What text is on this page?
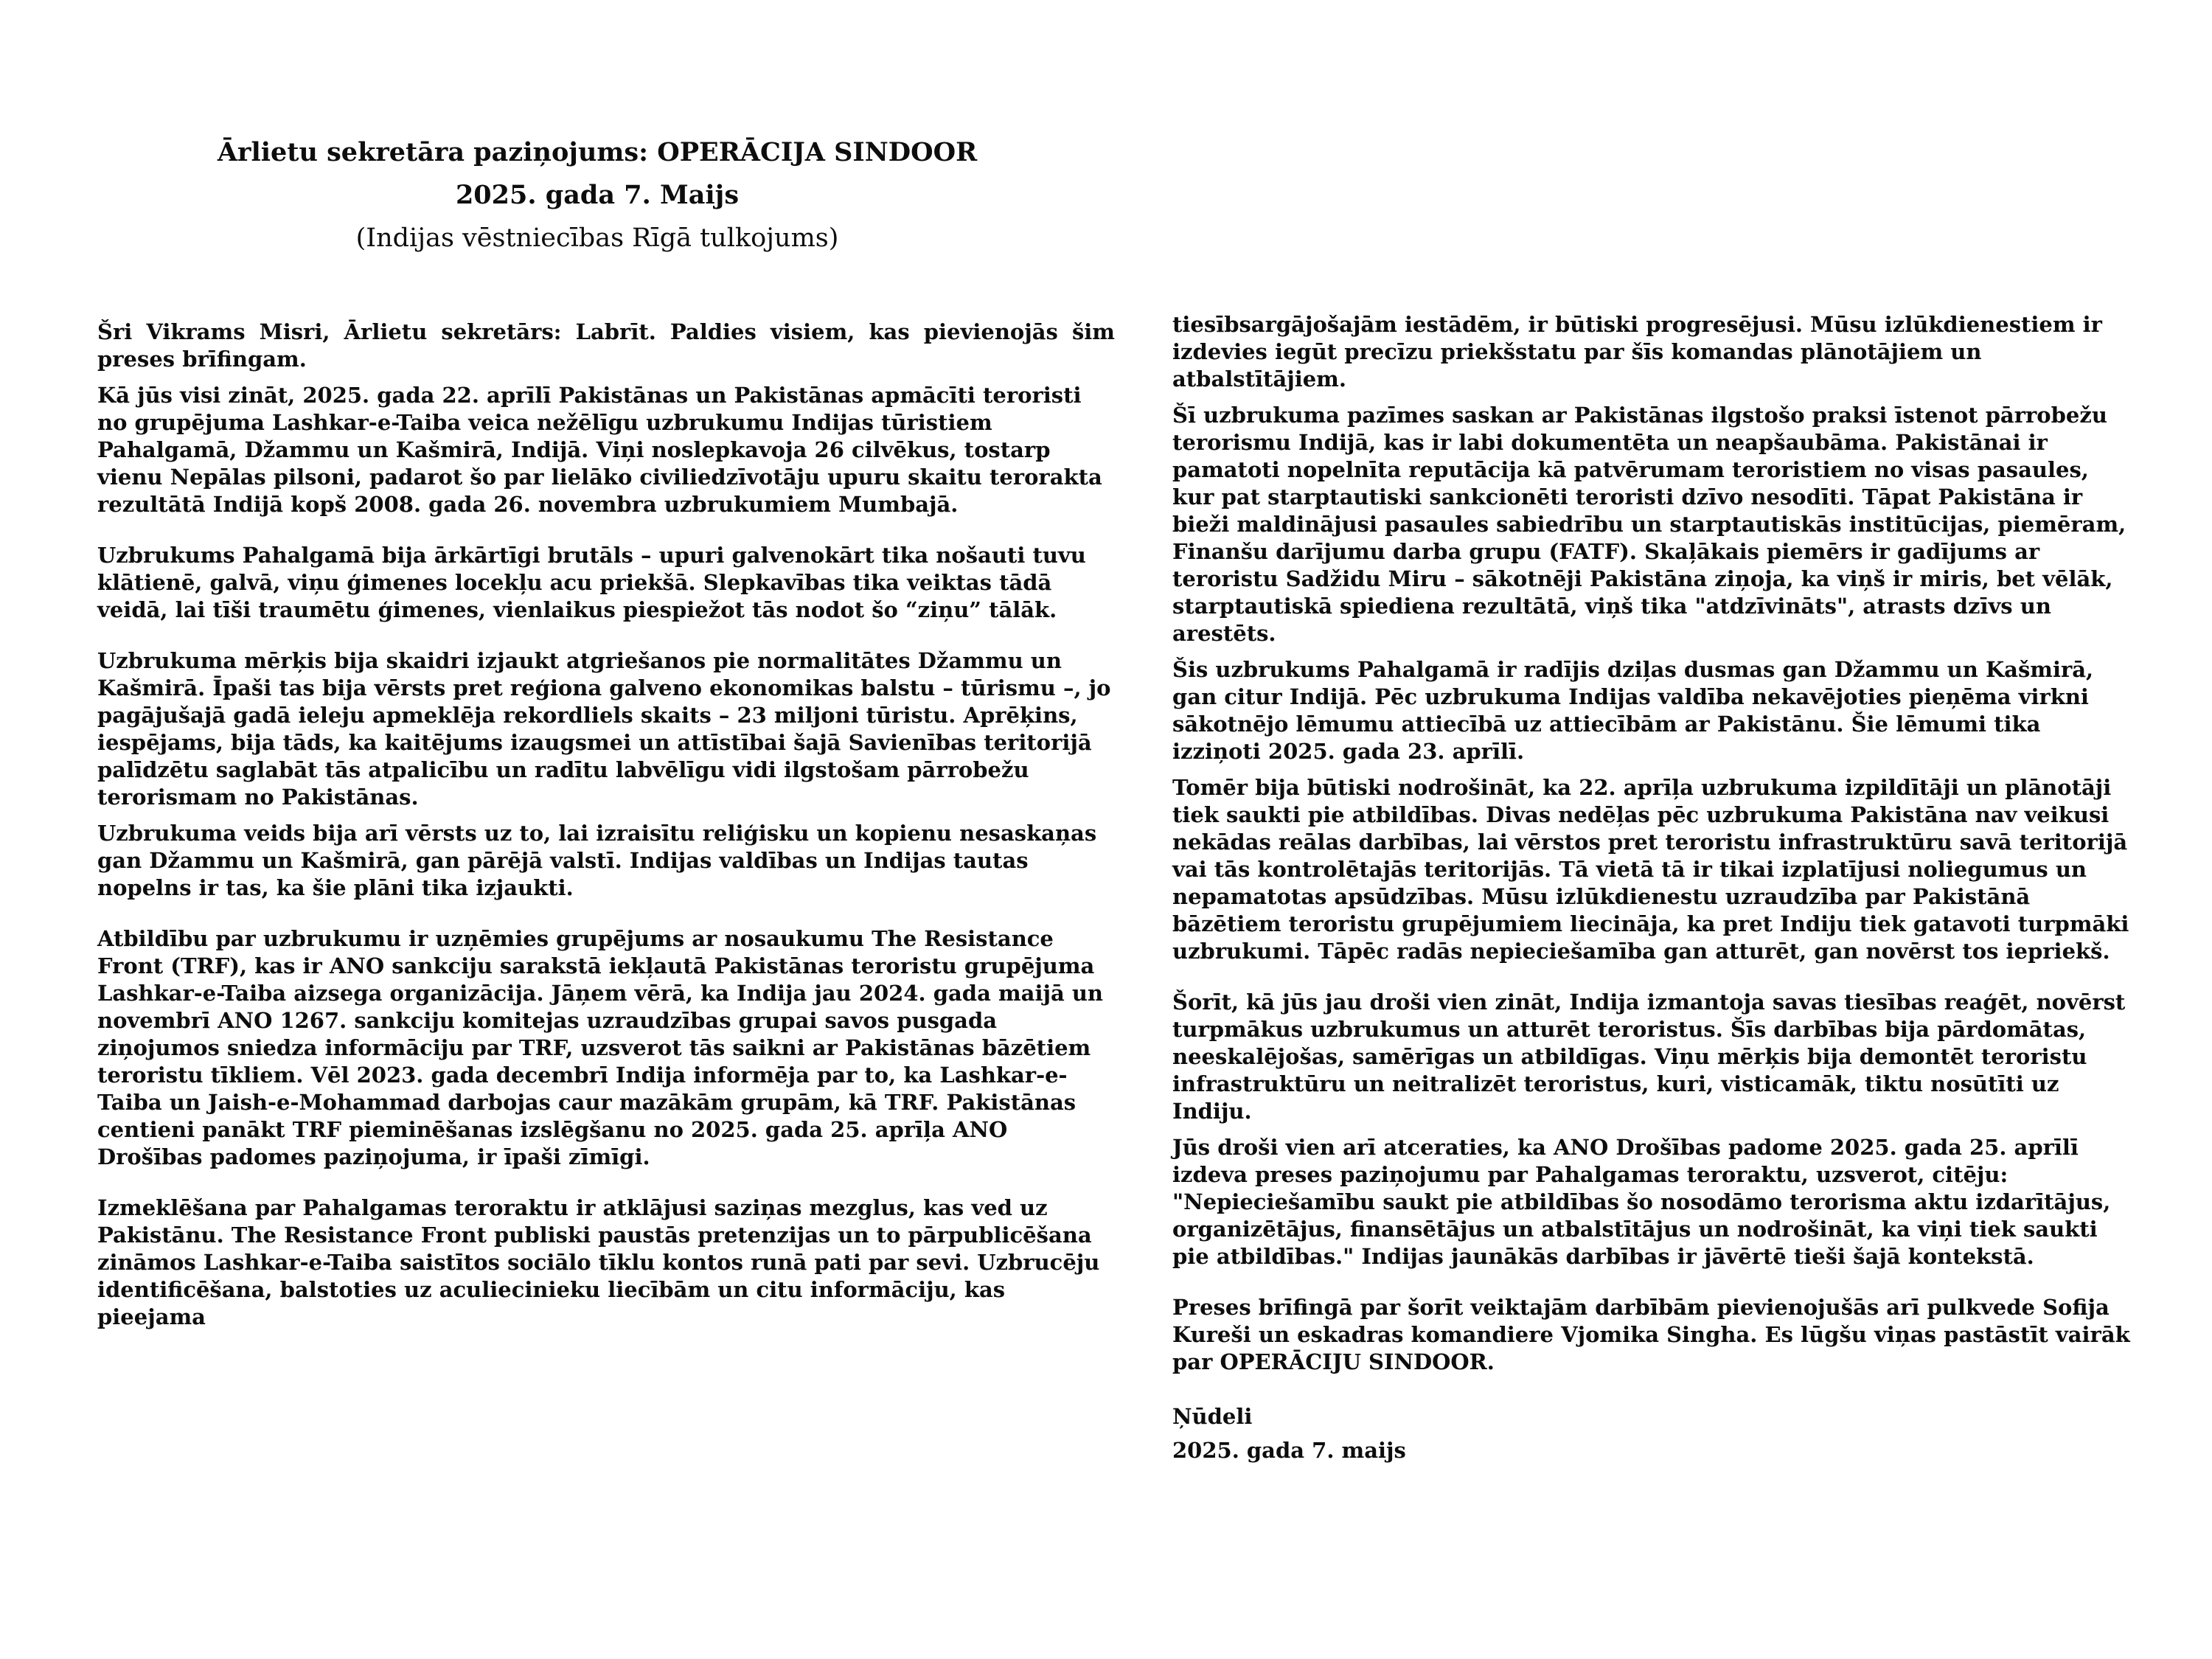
Ārlietu sekretāra paziņojums: OPERĀCIJA SINDOOR
2025. gada 7. Maijs
(Indijas vēstniecības Rīgā tulkojums)

Šri Vikrams Misri, Ārlietu sekretārs: Labrīt. Paldies visiem, kas pievienojās šim preses brīfingam.

Kā jūs visi zināt, 2025. gada 22. aprīlī Pakistānas un Pakistānas apmācīti teroristi no grupējuma Lashkar-e-Taiba veica nežēlīgu uzbrukumu Indijas tūristiem Pahalgamā, Džammu un Kašmirā, Indijā. Viņi noslepkavoja 26 cilvēkus, tostarp vienu Nepālas pilsoni, padarot šo par lielāko civiliedzīvotāju upuru skaitu terorakta rezultātā Indijā kopš 2008. gada 26. novembra uzbrukumiem Mumbajā.

Uzbrukums Pahalgamā bija ārkārtīgi brutāls – upuri galvenokārt tika nošauti tuvu klātienē, galvā, viņu ģimenes locekļu acu priekšā. Slepkavības tika veiktas tādā veidā, lai tīši traumētu ģimenes, vienlaikus piespiežot tās nodot šo “ziņu” tālāk.

Uzbrukuma mērķis bija skaidri izjaukt atgriešanos pie normalitātes Džammu un Kašmirā. Īpaši tas bija vērsts pret reģiona galveno ekonomikas balstu – tūrismu –, jo pagājušajā gadā ieleju apmeklēja rekordliels skaits – 23 miljoni tūristu. Aprēķins, iespējams, bija tāds, ka kaitējums izaugsmei un attīstībai šajā Savienības teritorijā palīdzētu saglabāt tās atpalicību un radītu labvēlīgu vidi ilgstošam pārrobežu terorismam no Pakistānas.

Uzbrukuma veids bija arī vērsts uz to, lai izraisītu reliģisku un kopienu nesaskaņas gan Džammu un Kašmirā, gan pārējā valstī. Indijas valdības un Indijas tautas nopelns ir tas, ka šie plāni tika izjaukti.

Atbildību par uzbrukumu ir uzņēmies grupējums ar nosaukumu The Resistance Front (TRF), kas ir ANO sankciju sarakstā iekļautā Pakistānas teroristu grupējuma Lashkar-e-Taiba aizsega organizācija. Jāņem vērā, ka Indija jau 2024. gada maijā un novembrī ANO 1267. sankciju komitejas uzraudzības grupai savos pusgada ziņojumos sniedza informāciju par TRF, uzsverot tās saikni ar Pakistānas bāzētiem teroristu tīkliem. Vēl 2023. gada decembrī Indija informēja par to, ka Lashkar-e-Taiba un Jaish-e-Mohammad darbojas caur mazākām grupām, kā TRF. Pakistānas centieni panākt TRF pieminēšanas izslēgšanu no 2025. gada 25. aprīļa ANO Drošības padomes paziņojuma, ir īpaši zīmīgi.

Izmeklēšana par Pahalgamas teroraktu ir atklājusi saziņas mezglus, kas ved uz Pakistānu. The Resistance Front publiski paustās pretenzijas un to pārpublicēšana zināmos Lashkar-e-Taiba saistītos sociālo tīklu kontos runā pati par sevi. Uzbrucēju identificēšana, balstoties uz aculiecinieku liecībām un citu informāciju, kas pieejama

tiesībsargājošajām iestādēm, ir būtiski progresējusi. Mūsu izlūkdienestiem ir izdevies iegūt precīzu priekšstatu par šīs komandas plānotājiem un atbalstītājiem.

Šī uzbrukuma pazīmes saskan ar Pakistānas ilgstošo praksi īstenot pārrobežu terorismu Indijā, kas ir labi dokumentēta un neapšaubāma. Pakistānai ir pamatoti nopelnīta reputācija kā patvērumam teroristiem no visas pasaules, kur pat starptautiski sankcionēti teroristi dzīvo nesodīti. Tāpat Pakistāna ir bieži maldinājusi pasaules sabiedrību un starptautiskās institūcijas, piemēram, Finanšu darījumu darba grupu (FATF). Skaļākais piemērs ir gadījums ar teroristu Sadžidu Miru – sākotnēji Pakistāna ziņoja, ka viņš ir miris, bet vēlāk, starptautiskā spiediena rezultātā, viņš tika "atdzīvināts", atrasts dzīvs un arestēts.

Šis uzbrukums Pahalgamā ir radījis dziļas dusmas gan Džammu un Kašmirā, gan citur Indijā. Pēc uzbrukuma Indijas valdība nekavējoties pieņēma virkni sākotnējo lēmumu attiecībā uz attiecībām ar Pakistānu. Šie lēmumi tika izziņoti 2025. gada 23. aprīlī.

Tomēr bija būtiski nodrošināt, ka 22. aprīļa uzbrukuma izpildītāji un plānotāji tiek saukti pie atbildības. Divas nedēļas pēc uzbrukuma Pakistāna nav veikusi nekādas reālas darbības, lai vērstos pret teroristu infrastruktūru savā teritorijā vai tās kontrolētajās teritorijās. Tā vietā tā ir tikai izplatījusi noliegumus un nepamatotas apsūdzības. Mūsu izlūkdienestu uzraudzība par Pakistānā bāzētiem teroristu grupējumiem liecināja, ka pret Indiju tiek gatavoti turpmāki uzbrukumi. Tāpēc radās nepieciešamība gan atturēt, gan novērst tos iepriekš.

Šorīt, kā jūs jau droši vien zināt, Indija izmantoja savas tiesības reaģēt, novērst turpmākus uzbrukumus un atturēt teroristus. Šīs darbības bija pārdomātas, neeskalējošas, samērīgas un atbildīgas. Viņu mērķis bija demontēt teroristu infrastruktūru un neitralizēt teroristus, kuri, visticamāk, tiktu nosūtīti uz Indiju.

Jūs droši vien arī atceraties, ka ANO Drošības padome 2025. gada 25. aprīlī izdeva preses paziņojumu par Pahalgamas teroraktu, uzsverot, citēju: "Nepieciešamību saukt pie atbildības šo nosodāmo terorisma aktu izdarītājus, organizētājus, finansētājus un atbalstītājus un nodrošināt, ka viņi tiek saukti pie atbildības." Indijas jaunākās darbības ir jāvērtē tieši šajā kontekstā.

Preses brīfingā par šorīt veiktajām darbībām pievienojušās arī pulkvede Sofija Kureši un eskadras komandiere Vjomika Singha. Es lūgšu viņas pastāstīt vairāk par OPERĀCIJU SINDOOR.

Ņūdeli

2025. gada 7. maijs
